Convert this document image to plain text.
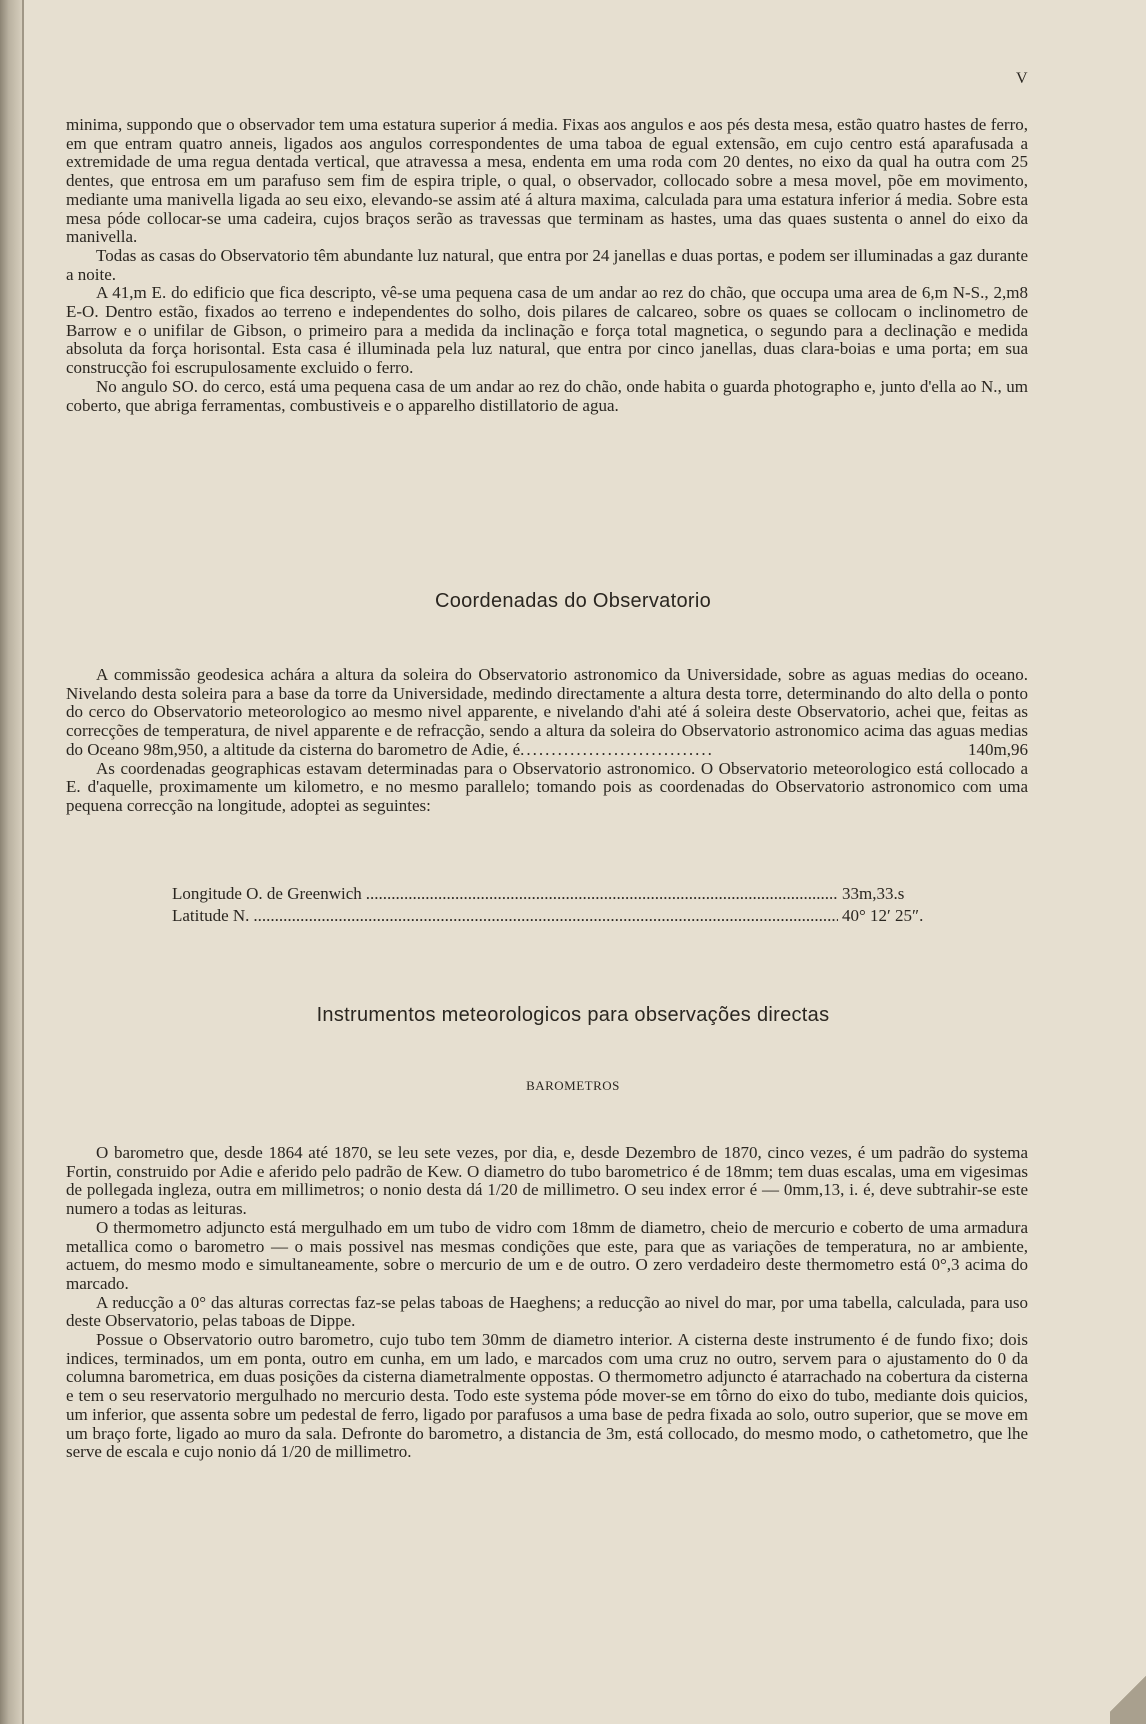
V

minima, suppondo que o observador tem uma estatura superior á media. Fixas aos angulos e aos pés desta mesa, estão quatro hastes de ferro, em que entram quatro anneis, ligados aos angulos correspondentes de uma taboa de egual extensão, em cujo centro está aparafusada a extremidade de uma regua dentada vertical, que atravessa a mesa, endenta em uma roda com 20 dentes, no eixo da qual ha outra com 25 dentes, que entrosa em um parafuso sem fim de espira triple, o qual, o observador, collocado sobre a mesa movel, põe em movimento, mediante uma manivella ligada ao seu eixo, elevando-se assim até á altura maxima, calculada para uma estatura inferior á media. Sobre esta mesa póde collocar-se uma cadeira, cujos braços serão as travessas que terminam as hastes, uma das quaes sustenta o annel do eixo da manivella.

Todas as casas do Observatorio têm abundante luz natural, que entra por 24 janellas e duas portas, e podem ser illuminadas a gaz durante a noite.

A 41,m E. do edificio que fica descripto, vê-se uma pequena casa de um andar ao rez do chão, que occupa uma area de 6,m N-S., 2,m8 E-O. Dentro estão, fixados ao terreno e independentes do solho, dois pilares de calcareo, sobre os quaes se collocam o inclinometro de Barrow e o unifilar de Gibson, o primeiro para a medida da inclinação e força total magnetica, o segundo para a declinação e medida absoluta da força horisontal. Esta casa é illuminada pela luz natural, que entra por cinco janellas, duas clara-boias e uma porta; em sua construcção foi escrupulosamente excluido o ferro.

No angulo SO. do cerco, está uma pequena casa de um andar ao rez do chão, onde habita o guarda photographo e, junto d'ella ao N., um coberto, que abriga ferramentas, combustiveis e o apparelho distillatorio de agua.

Coordenadas do Observatorio

A commissão geodesica achára a altura da soleira do Observatorio astronomico da Universidade, sobre as aguas medias do oceano. Nivelando desta soleira para a base da torre da Universidade, medindo directamente a altura desta torre, determinando do alto della o ponto do cerco do Observatorio meteorologico ao mesmo nivel apparente, e nivelando d'ahi até á soleira deste Observatorio, achei que, feitas as correcções de temperatura, de nivel apparente e de refracção, sendo a altura da soleira do Observatorio astronomico acima das aguas medias do Oceano 98m,950, a altitude da cisterna do barometro de Adie, é .....	140m,96

As coordenadas geographicas estavam determinadas para o Observatorio astronomico. O Observatorio meteorologico está collocado a E. d'aquelle, proximamente um kilometro, e no mesmo parallelo; tomando pois as coordenadas do Observatorio astronomico com uma pequena correcção na longitude, adoptei as seguintes:

Longitude O. de Greenwich .....	33m,33.s
Latitude N. .....	40° 12′ 25″.
Instrumentos meteorologicos para observações directas
BAROMETROS

O barometro que, desde 1864 até 1870, se leu sete vezes, por dia, e, desde Dezembro de 1870, cinco vezes, é um padrão do systema Fortin, construido por Adie e aferido pelo padrão de Kew. O diametro do tubo barometrico é de 18mm; tem duas escalas, uma em vigesimas de pollegada ingleza, outra em millimetros; o nonio desta dá 1/20 de millimetro. O seu index error é — 0mm,13, i. é, deve subtrahir-se este numero a todas as leituras.

O thermometro adjuncto está mergulhado em um tubo de vidro com 18mm de diametro, cheio de mercurio e coberto de uma armadura metallica como o barometro — o mais possivel nas mesmas condições que este, para que as variações de temperatura, no ar ambiente, actuem, do mesmo modo e simultaneamente, sobre o mercurio de um e de outro. O zero verdadeiro deste thermometro está 0°,3 acima do marcado.

A reducção a 0° das alturas correctas faz-se pelas taboas de Haeghens; a reducção ao nivel do mar, por uma tabella, calculada, para uso deste Observatorio, pelas taboas de Dippe.

Possue o Observatorio outro barometro, cujo tubo tem 30mm de diametro interior. A cisterna deste instrumento é de fundo fixo; dois indices, terminados, um em ponta, outro em cunha, em um lado, e marcados com uma cruz no outro, servem para o ajustamento do 0 da columna barometrica, em duas posições da cisterna diametralmente oppostas. O thermometro adjuncto é atarrachado na cobertura da cisterna e tem o seu reservatorio mergulhado no mercurio desta. Todo este systema póde mover-se em tôrno do eixo do tubo, mediante dois quicios, um inferior, que assenta sobre um pedestal de ferro, ligado por parafusos a uma base de pedra fixada ao solo, outro superior, que se move em um braço forte, ligado ao muro da sala. Defronte do barometro, a distancia de 3m, está collocado, do mesmo modo, o cathetometro, que lhe serve de escala e cujo nonio dá 1/20 de millimetro.
